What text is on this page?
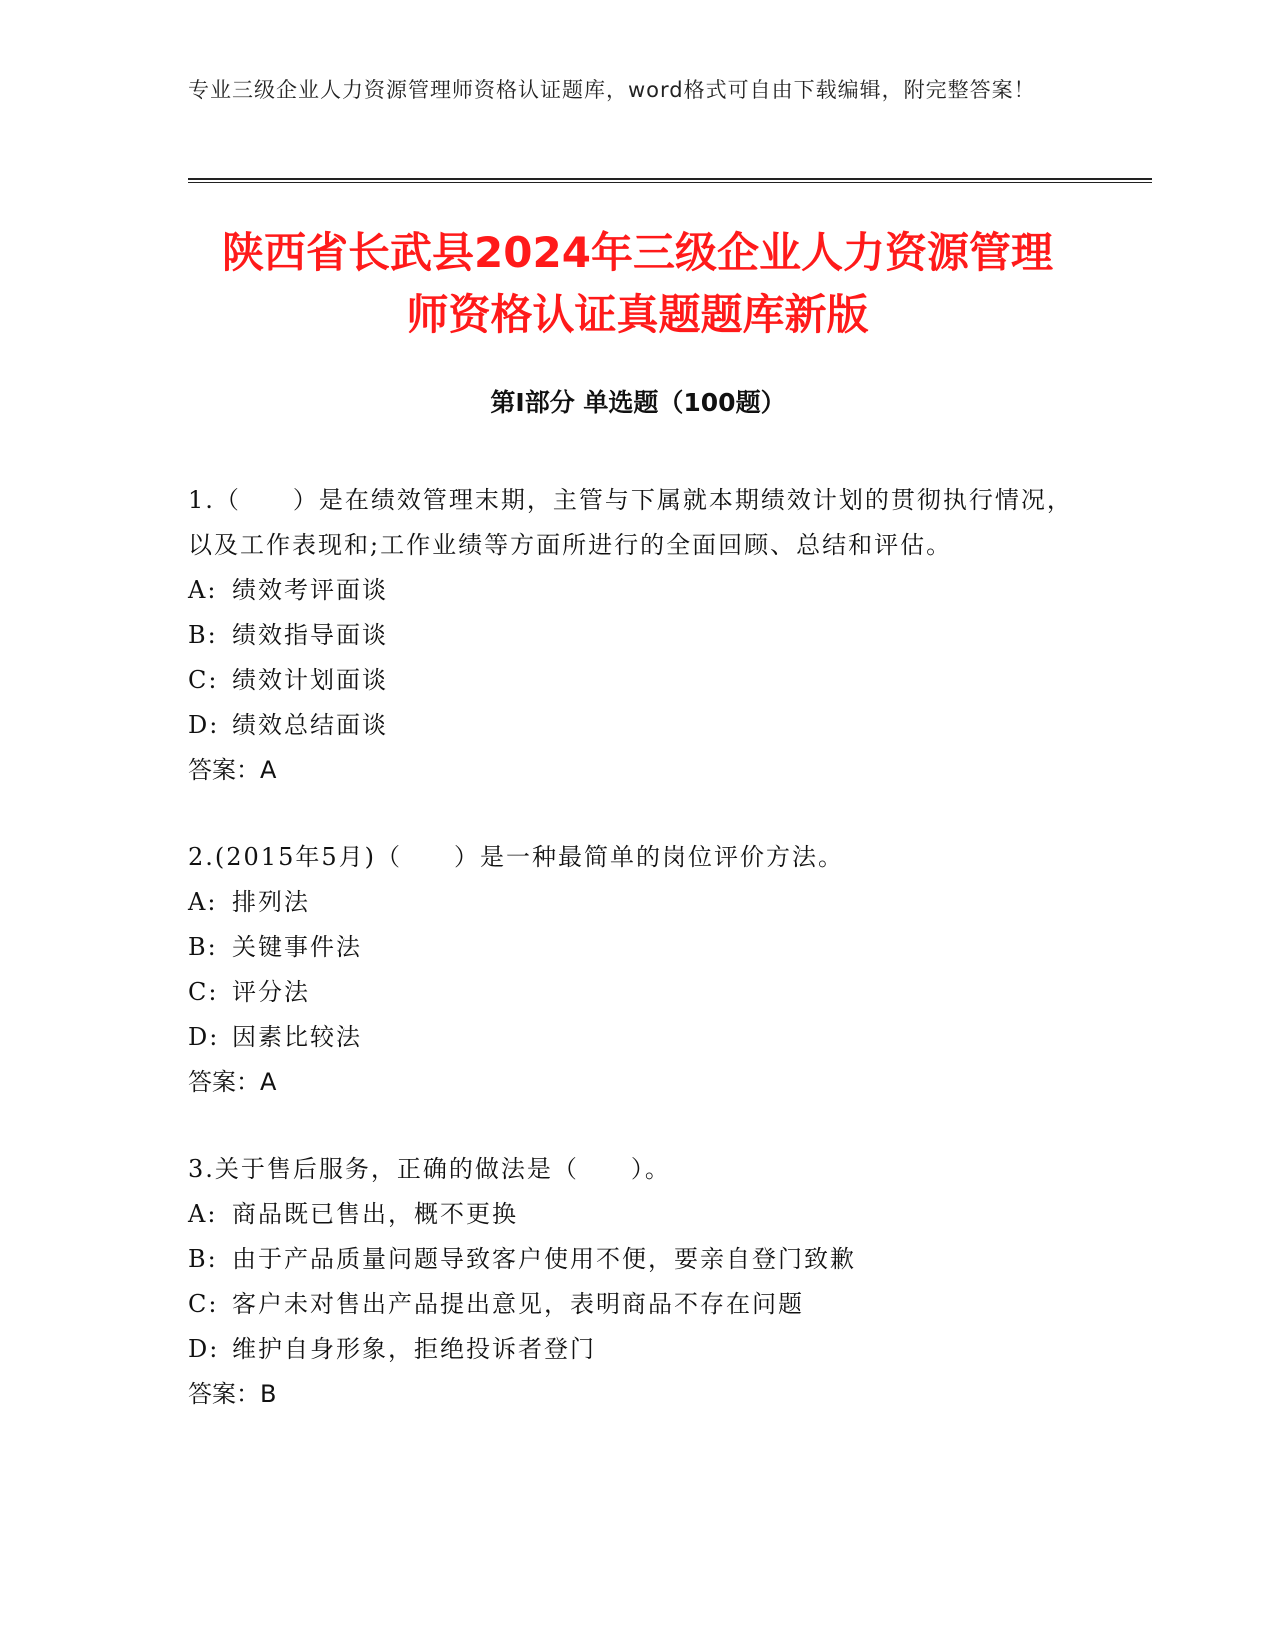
专业三级企业人力资源管理师资格认证题库，word格式可自由下载编辑，附完整答案！
陕西省长武县2024年三级企业人力资源管理
师资格认证真题题库新版
第I部分 单选题（100题）
1.（　　）是在绩效管理末期，主管与下属就本期绩效计划的贯彻执行情况，以及工作表现和;工作业绩等方面所进行的全面回顾、总结和评估。
A: 绩效考评面谈
B: 绩效指导面谈
C: 绩效计划面谈
D: 绩效总结面谈
答案：A
2.(2015年5月)（　　）是一种最简单的岗位评价方法。
A: 排列法
B: 关键事件法
C: 评分法
D: 因素比较法
答案：A
3.关于售后服务，正确的做法是（　　）。
A: 商品既已售出，概不更换
B: 由于产品质量问题导致客户使用不便，要亲自登门致歉
C: 客户未对售出产品提出意见，表明商品不存在问题
D: 维护自身形象，拒绝投诉者登门
答案：B
